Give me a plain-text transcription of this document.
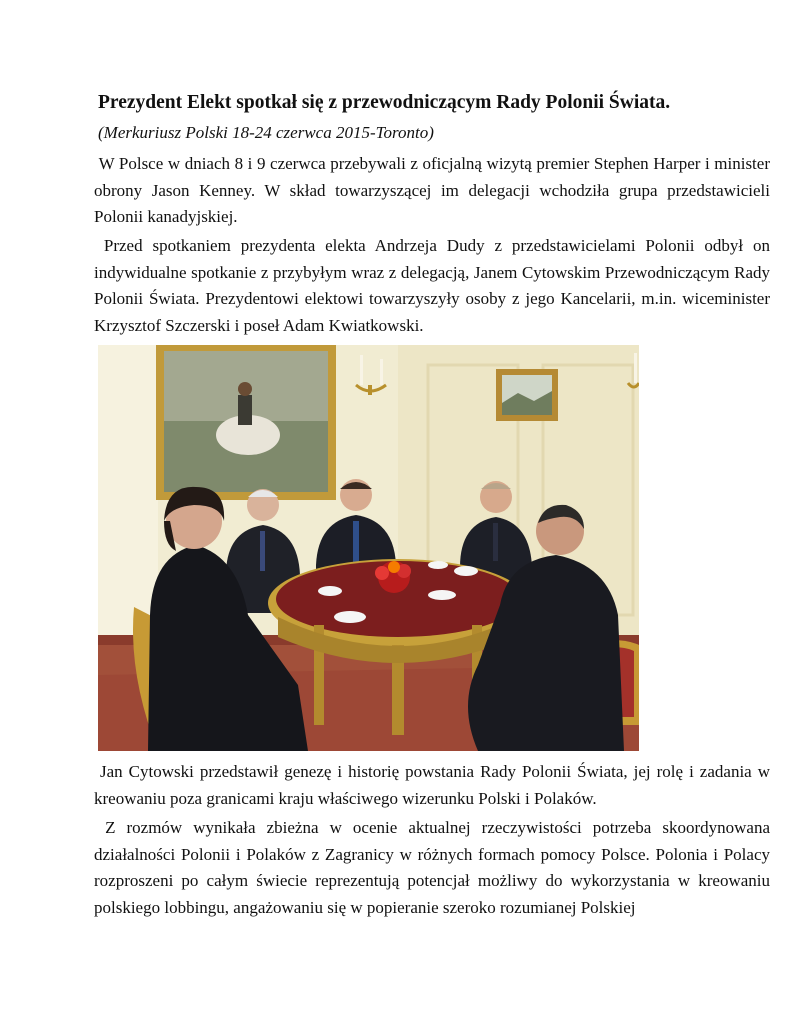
Prezydent Elekt spotkał się z przewodniczącym Rady Polonii Świata.

(Merkuriusz Polski 18-24 czerwca 2015-Toronto)

W Polsce w dniach 8 i 9 czerwca przebywali z oficjalną wizytą premier Stephen Harper i minister obrony Jason Kenney. W skład towarzyszącej im delegacji wchodziła grupa przedstawicieli Polonii kanadyjskiej.

Przed spotkaniem prezydenta elekta Andrzeja Dudy z przedstawicielami Polonii odbył on indywidualne spotkanie z przybyłym wraz z delegacją, Janem Cytowskim Przewodniczącym Rady Polonii Świata. Prezydentowi elektowi towarzyszyły osoby z jego Kancelarii, m.in. wiceminister Krzysztof Szczerski i poseł Adam Kwiatkowski.

Jan Cytowski przedstawił genezę i historię powstania Rady Polonii Świata, jej rolę i zadania w kreowaniu poza granicami kraju właściwego wizerunku Polski i Polaków.

Z rozmów wynikała zbieżna w ocenie aktualnej rzeczywistości potrzeba skoordynowana działalności Polonii i Polaków z Zagranicy w różnych formach pomocy Polsce. Polonia i Polacy rozproszeni po całym świecie reprezentują potencjał możliwy do wykorzystania w kreowaniu polskiego lobbingu, angażowaniu się w popieranie szeroko rozumianej Polskiej
